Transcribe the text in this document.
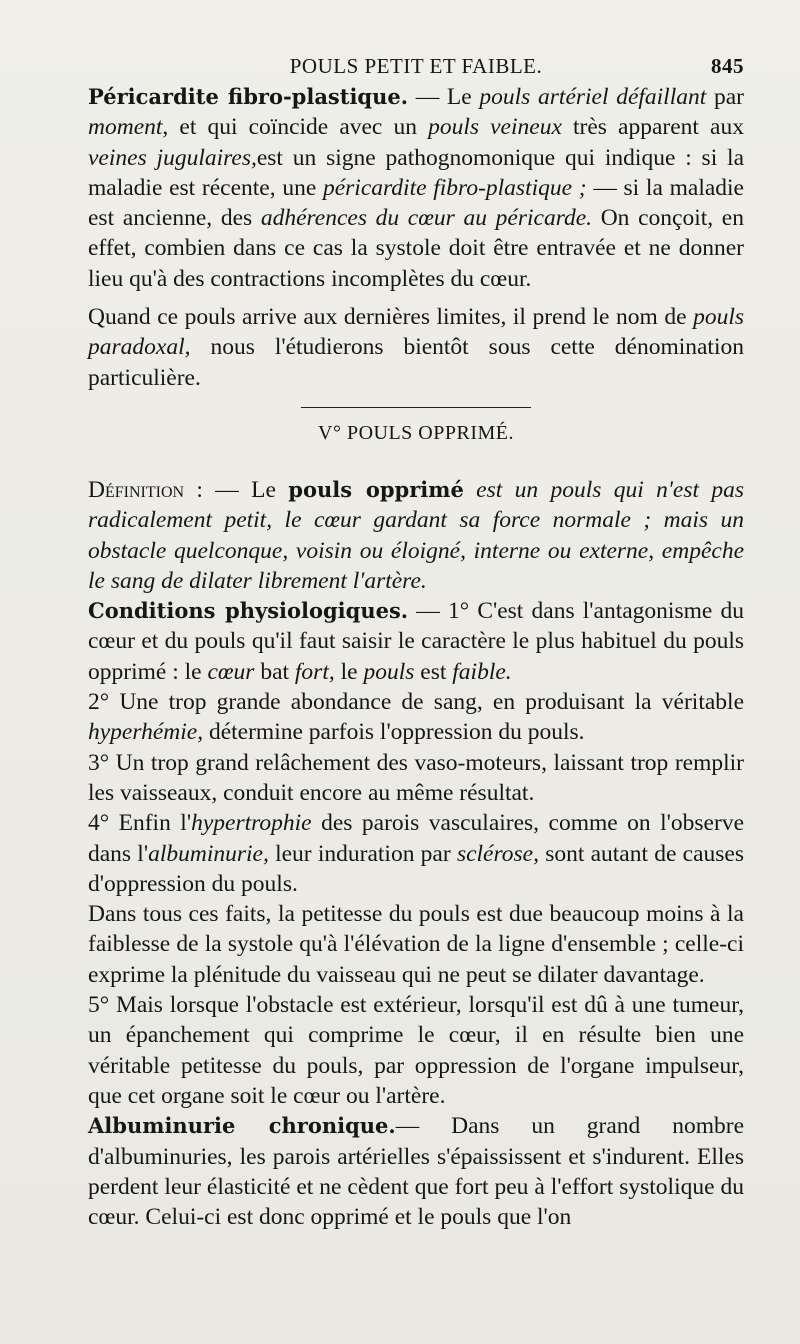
POULS PETIT ET FAIBLE.	845

Péricardite fibro-plastique. — Le pouls artériel défaillant par moment, et qui coïncide avec un pouls veineux très apparent aux veines jugulaires,est un signe pathognomonique qui indique : si la maladie est récente, une péricardite fibro-plastique ; — si la maladie est ancienne, des adhérences du cœur au péricarde. On conçoit, en effet, combien dans ce cas la systole doit être entravée et ne donner lieu qu'à des contractions incomplètes du cœur.

Quand ce pouls arrive aux dernières limites, il prend le nom de pouls paradoxal, nous l'étudierons bientôt sous cette dénomination particulière.

V° POULS OPPRIMÉ.

Définition : — Le pouls opprimé est un pouls qui n'est pas radicalement petit, le cœur gardant sa force normale ; mais un obstacle quelconque, voisin ou éloigné, interne ou externe, empêche le sang de dilater librement l'artère.

Conditions physiologiques. — 1° C'est dans l'antagonisme du cœur et du pouls qu'il faut saisir le caractère le plus habituel du pouls opprimé : le cœur bat fort, le pouls est faible.

2° Une trop grande abondance de sang, en produisant la véritable hyperhémie, détermine parfois l'oppression du pouls.

3° Un trop grand relâchement des vaso-moteurs, laissant trop remplir les vaisseaux, conduit encore au même résultat.

4° Enfin l'hypertrophie des parois vasculaires, comme on l'observe dans l'albuminurie, leur induration par sclérose, sont autant de causes d'oppression du pouls.

Dans tous ces faits, la petitesse du pouls est due beaucoup moins à la faiblesse de la systole qu'à l'élévation de la ligne d'ensemble ; celle-ci exprime la plénitude du vaisseau qui ne peut se dilater davantage.

5° Mais lorsque l'obstacle est extérieur, lorsqu'il est dû à une tumeur, un épanchement qui comprime le cœur, il en résulte bien une véritable petitesse du pouls, par oppression de l'organe impulseur, que cet organe soit le cœur ou l'artère.

Albuminurie chronique.— Dans un grand nombre d'albuminuries, les parois artérielles s'épaississent et s'indurent. Elles perdent leur élasticité et ne cèdent que fort peu à l'effort systolique du cœur. Celui-ci est donc opprimé et le pouls que l'on
